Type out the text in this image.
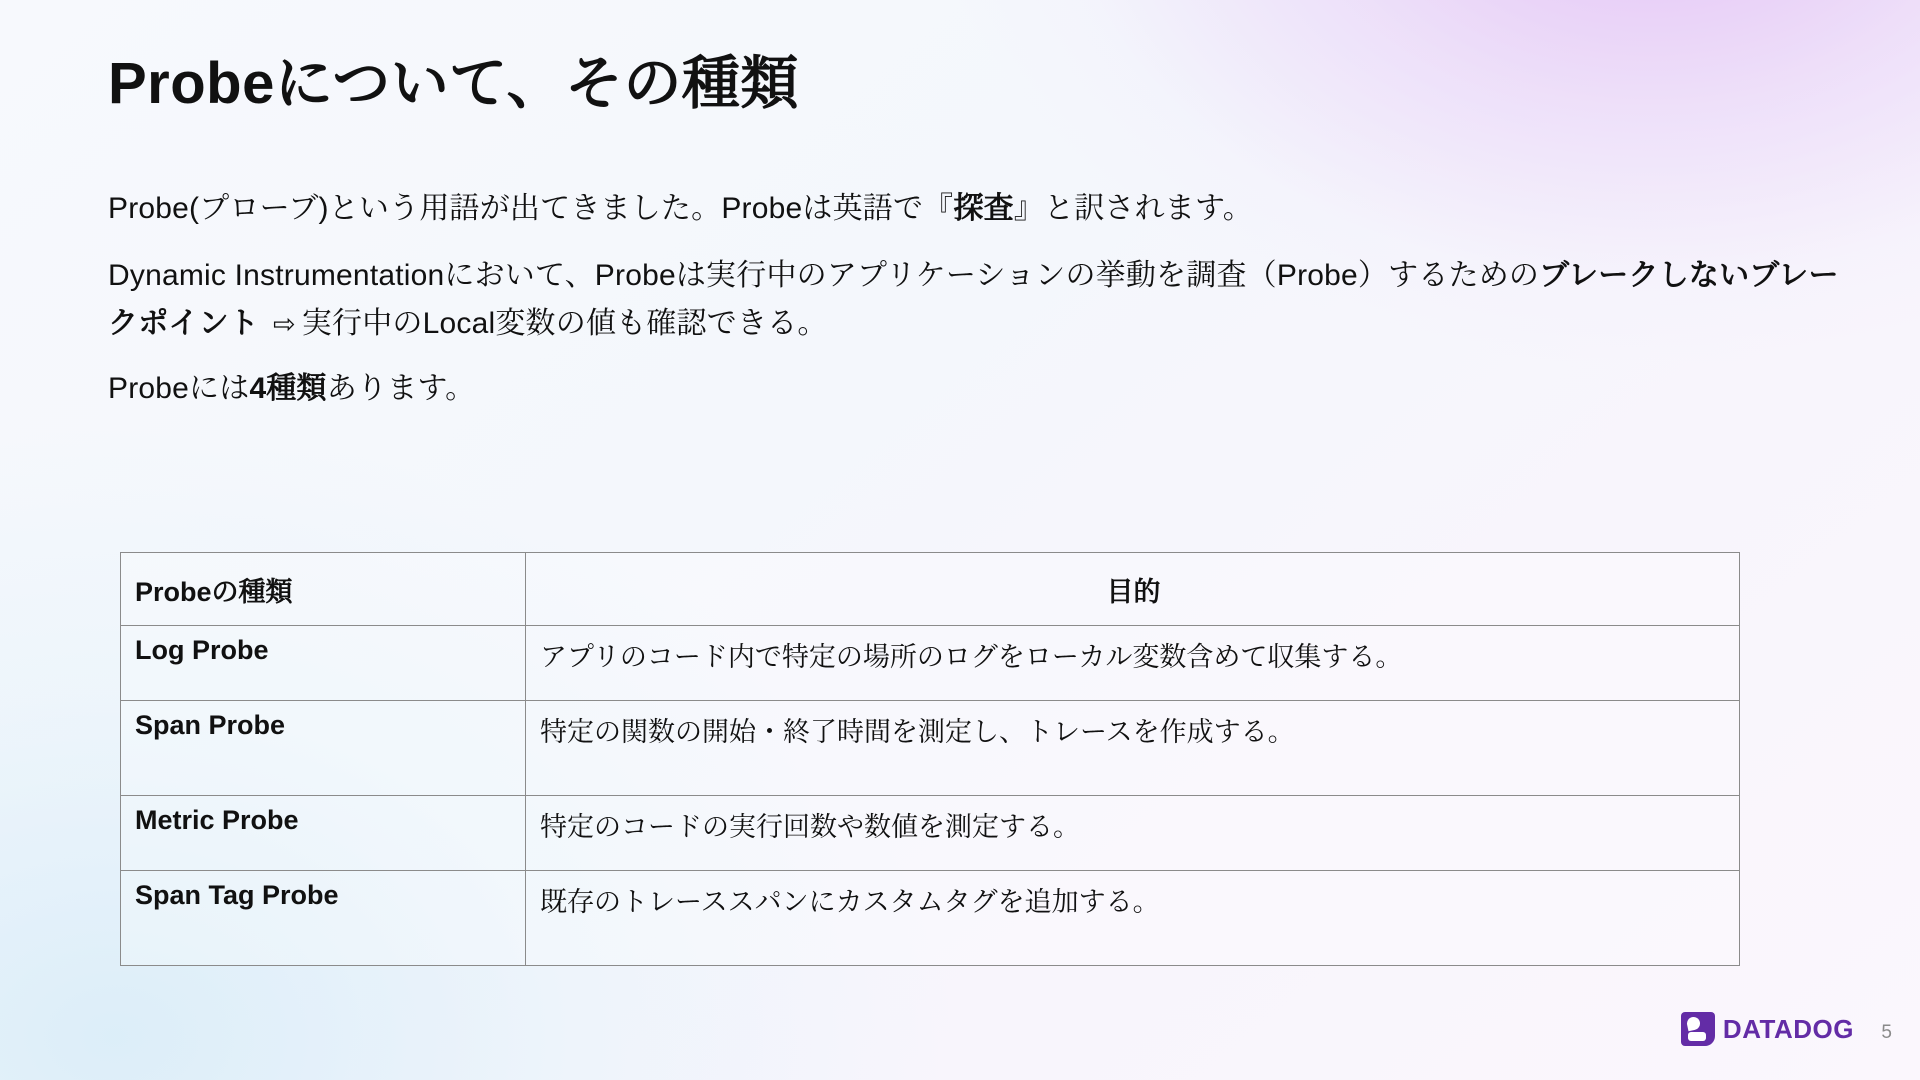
Probeについて、その種類
Probe(プローブ)という用語が出てきました。Probeは英語で『探査』と訳されます。
Dynamic Instrumentationにおいて、Probeは実行中のアプリケーションの挙動を調査（Probe）するためのブレークしないブレークポイント ⇨ 実行中のLocal変数の値も確認できる。
Probeには4種類あります。
Probeの種類	目的
Log Probe	アプリのコード内で特定の場所のログをローカル変数含めて収集する。
Span Probe	特定の関数の開始・終了時間を測定し、トレースを作成する。
Metric Probe	特定のコードの実行回数や数値を測定する。
Span Tag Probe	既存のトレーススパンにカスタムタグを追加する。
DATADOG 5
